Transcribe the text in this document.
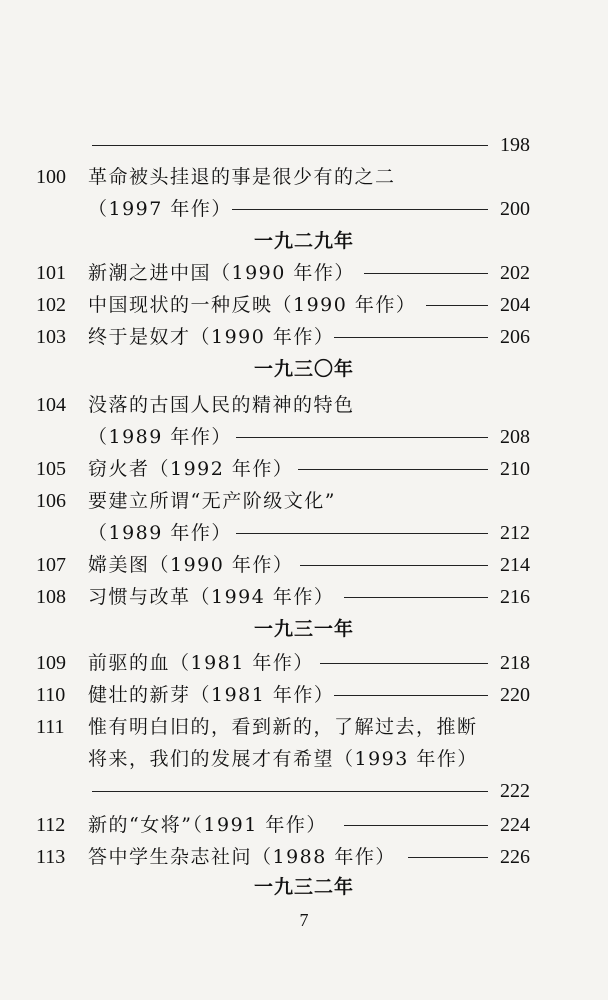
198
100	革命被头挂退的事是很少有的之二
（1997 年作）	200
一九二九年
101	新潮之进中国（1990 年作）	202
102	中国现状的一种反映（1990 年作）	204
103	终于是奴才（1990 年作）	206
一九三〇年
104	没落的古国人民的精神的特色
（1989 年作）	208
105	窃火者（1992 年作）	210
106	要建立所谓“无产阶级文化”
（1989 年作）	212
107	嫦美图（1990 年作）	214
108	习惯与改革（1994 年作）	216
一九三一年
109	前驱的血（1981 年作）	218
110	健壮的新芽（1981 年作）	220
111	惟有明白旧的，看到新的，了解过去，推断
将来，我们的发展才有希望（1993 年作）
222
112	新的“女将”（1991 年作）	224
113	答中学生杂志社问（1988 年作）	226
一九三二年
7
